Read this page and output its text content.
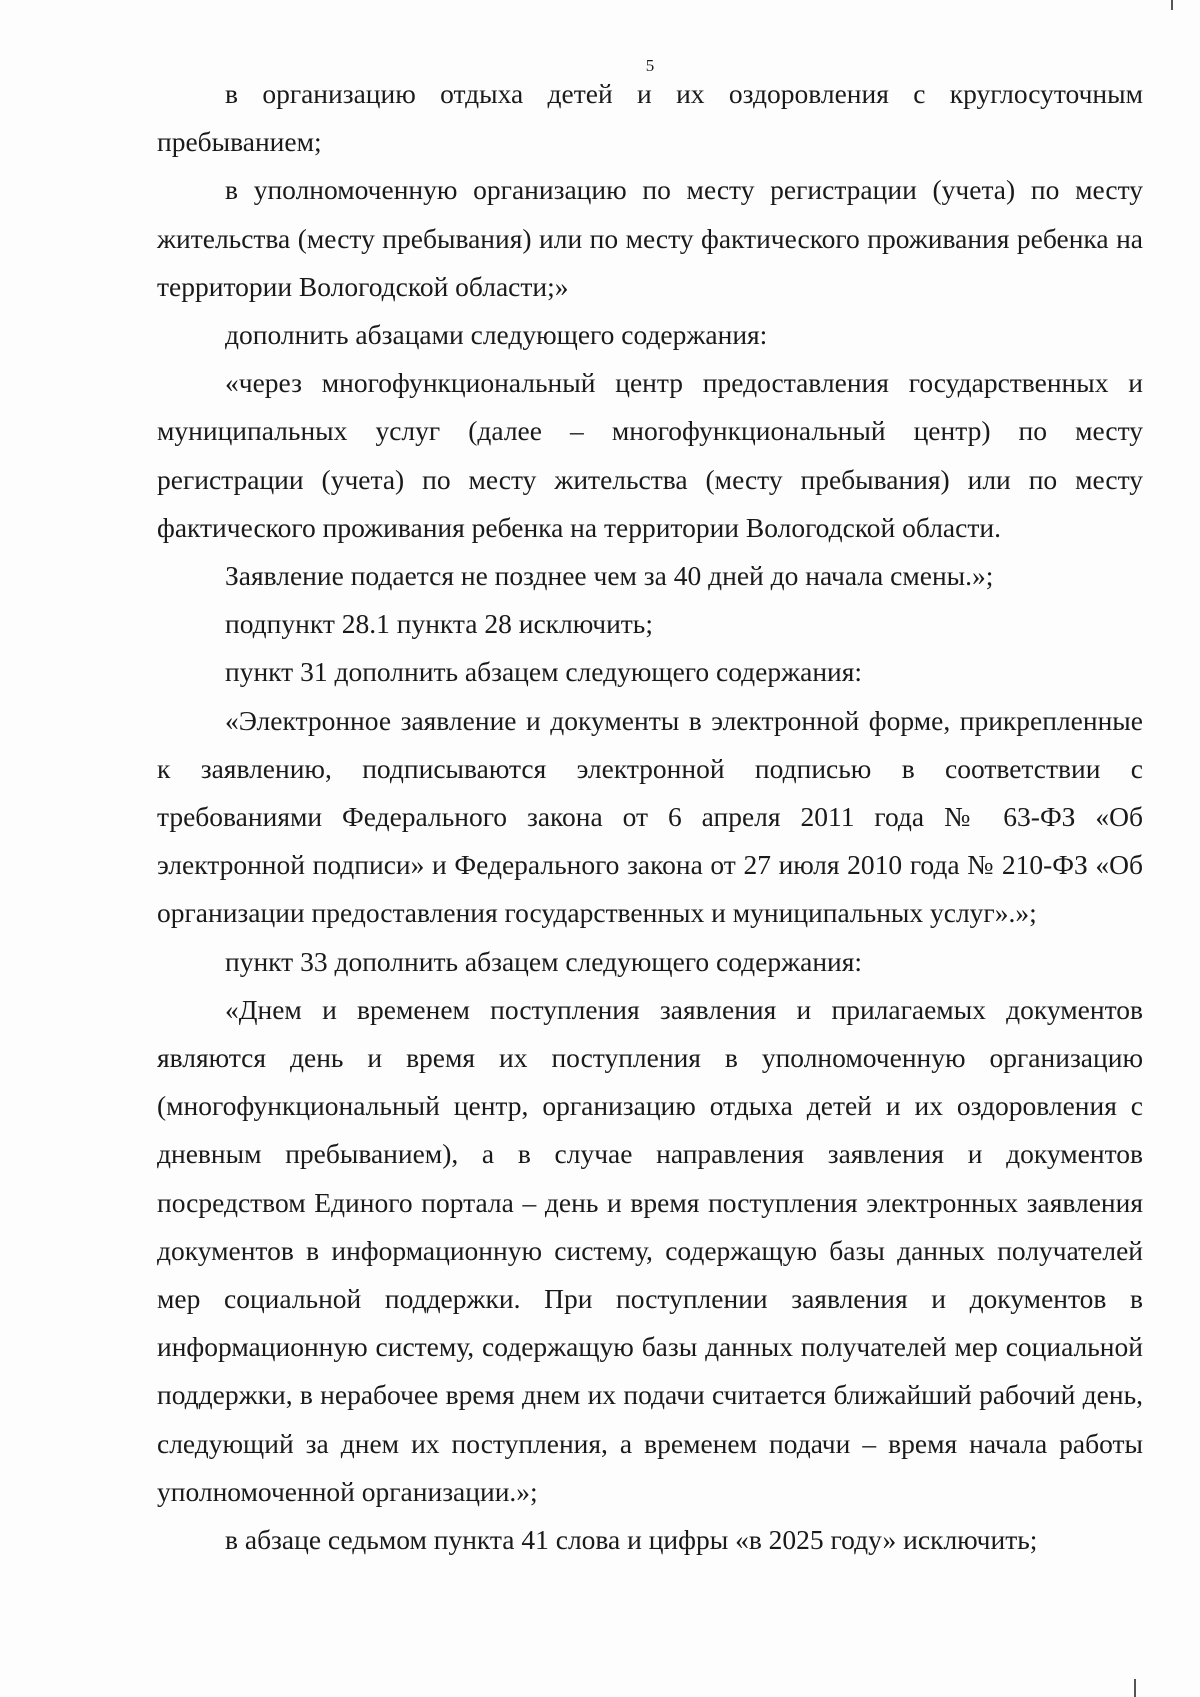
5

в организацию отдыха детей и их оздоровления с круглосуточным пребыванием;

в уполномоченную организацию по месту регистрации (учета) по месту жительства (месту пребывания) или по месту фактического проживания ребенка на территории Вологодской области;»

дополнить абзацами следующего содержания:

«через многофункциональный центр предоставления государственных и муниципальных услуг (далее – многофункциональный центр) по месту регистрации (учета) по месту жительства (месту пребывания) или по месту фактического проживания ребенка на территории Вологодской области.

Заявление подается не позднее чем за 40 дней до начала смены.»;

подпункт 28.1 пункта 28 исключить;

пункт 31 дополнить абзацем следующего содержания:

«Электронное заявление и документы в электронной форме, прикрепленные к заявлению, подписываются электронной подписью в соответствии с требованиями Федерального закона от 6 апреля 2011 года № 63-ФЗ «Об электронной подписи» и Федерального закона от 27 июля 2010 года № 210-ФЗ «Об организации предоставления государственных и муниципальных услуг».»;

пункт 33 дополнить абзацем следующего содержания:

«Днем и временем поступления заявления и прилагаемых документов являются день и время их поступления в уполномоченную организацию (многофункциональный центр, организацию отдыха детей и их оздоровления с дневным пребыванием), а в случае направления заявления и документов посредством Единого портала – день и время поступления электронных заявления документов в информационную систему, содержащую базы данных получателей мер социальной поддержки. При поступлении заявления и документов в информационную систему, содержащую базы данных получателей мер социальной поддержки, в нерабочее время днем их подачи считается ближайший рабочий день, следующий за днем их поступления, а временем подачи – время начала работы уполномоченной организации.»;

в абзаце седьмом пункта 41 слова и цифры «в 2025 году» исключить;
